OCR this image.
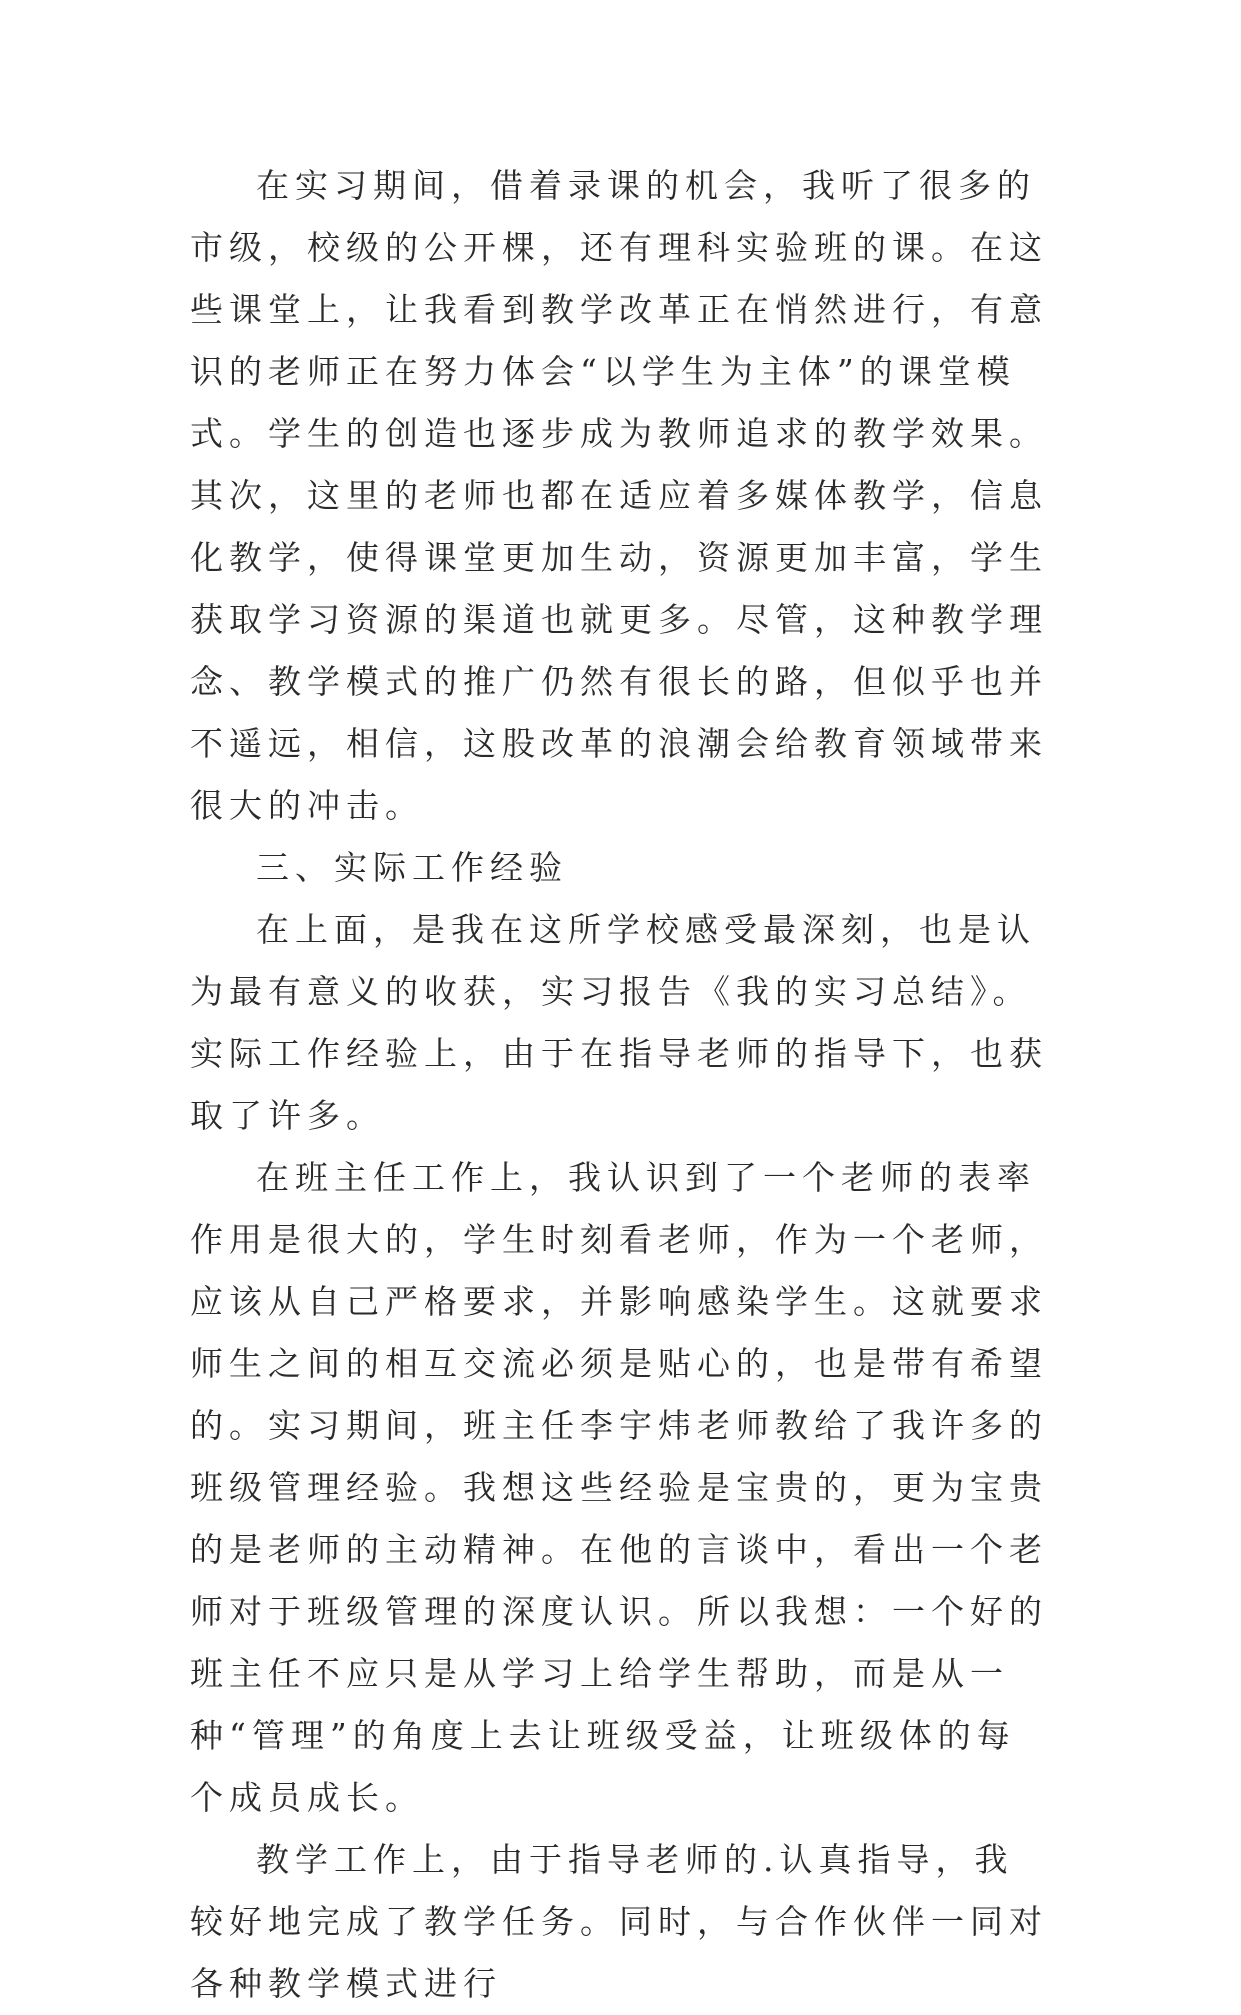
在实习期间，借着录课的机会，我听了很多的市级，校级的公开棵，还有理科实验班的课。在这些课堂上，让我看到教学改革正在悄然进行，有意识的老师正在努力体会“以学生为主体”的课堂模式。学生的创造也逐步成为教师追求的教学效果。其次，这里的老师也都在适应着多媒体教学，信息化教学，使得课堂更加生动，资源更加丰富，学生获取学习资源的渠道也就更多。尽管，这种教学理念、教学模式的推广仍然有很长的路，但似乎也并不遥远，相信，这股改革的浪潮会给教育领域带来很大的冲击。

三、实际工作经验

在上面，是我在这所学校感受最深刻，也是认为最有意义的收获，实习报告《我的实习总结》。实际工作经验上，由于在指导老师的指导下，也获取了许多。

在班主任工作上，我认识到了一个老师的表率作用是很大的，学生时刻看老师，作为一个老师，应该从自己严格要求，并影响感染学生。这就要求师生之间的相互交流必须是贴心的，也是带有希望的。实习期间，班主任李宇炜老师教给了我许多的班级管理经验。我想这些经验是宝贵的，更为宝贵的是老师的主动精神。在他的言谈中，看出一个老师对于班级管理的深度认识。所以我想：一个好的班主任不应只是从学习上给学生帮助，而是从一种“管理”的角度上去让班级受益，让班级体的每个成员成长。

教学工作上，由于指导老师的.认真指导，我较好地完成了教学任务。同时，与合作伙伴一同对各种教学模式进行
